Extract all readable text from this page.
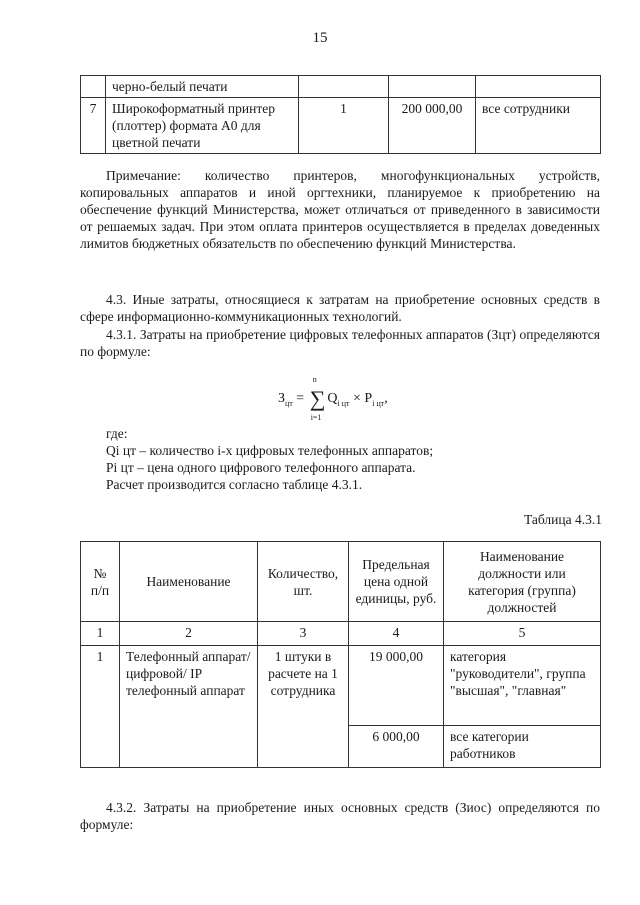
15
	черно-белый печати			
7	Широкоформатный принтер (плоттер) формата А0 для цветной печати	1	200 000,00	все сотрудники

Примечание: количество принтеров, многофункциональных устройств, копировальных аппаратов и иной оргтехники, планируемое к приобретению на обеспечение функций Министерства, может отличаться от приведенного в зависимости от решаемых задач. При этом оплата принтеров осуществляется в пределах доведенных лимитов бюджетных обязательств по обеспечению функций Министерства.

4.3. Иные затраты, относящиеся к затратам на приобретение основных средств в сфере информационно-коммуникационных технологий.

4.3.1. Затраты на приобретение цифровых телефонных аппаратов (Зцт) определяются по формуле:

$З_{цт}$ = ∑
n
i=1
$Q_{i цт} \times P_{i цт}$,

где:

Qi цт – количество i-х цифровых телефонных аппаратов;

Pi цт – цена одного цифрового телефонного аппарата.

Расчет производится согласно таблице 4.3.1.

Таблица 4.3.1
№ п/п	Наименование	Количество, шт.	Предельная цена одной единицы, руб.	Наименование должности или категория (группа) должностей
1	2	3	4	5
1	Телефонный аппарат/ цифровой/ IP телефонный аппарат	1 штуки в расчете на 1 сотрудника	19 000,00	категория "руководители", группа "высшая", "главная"
			6 000,00	все категории работников

4.3.2. Затраты на приобретение иных основных средств (Зиос) определяются по формуле:
